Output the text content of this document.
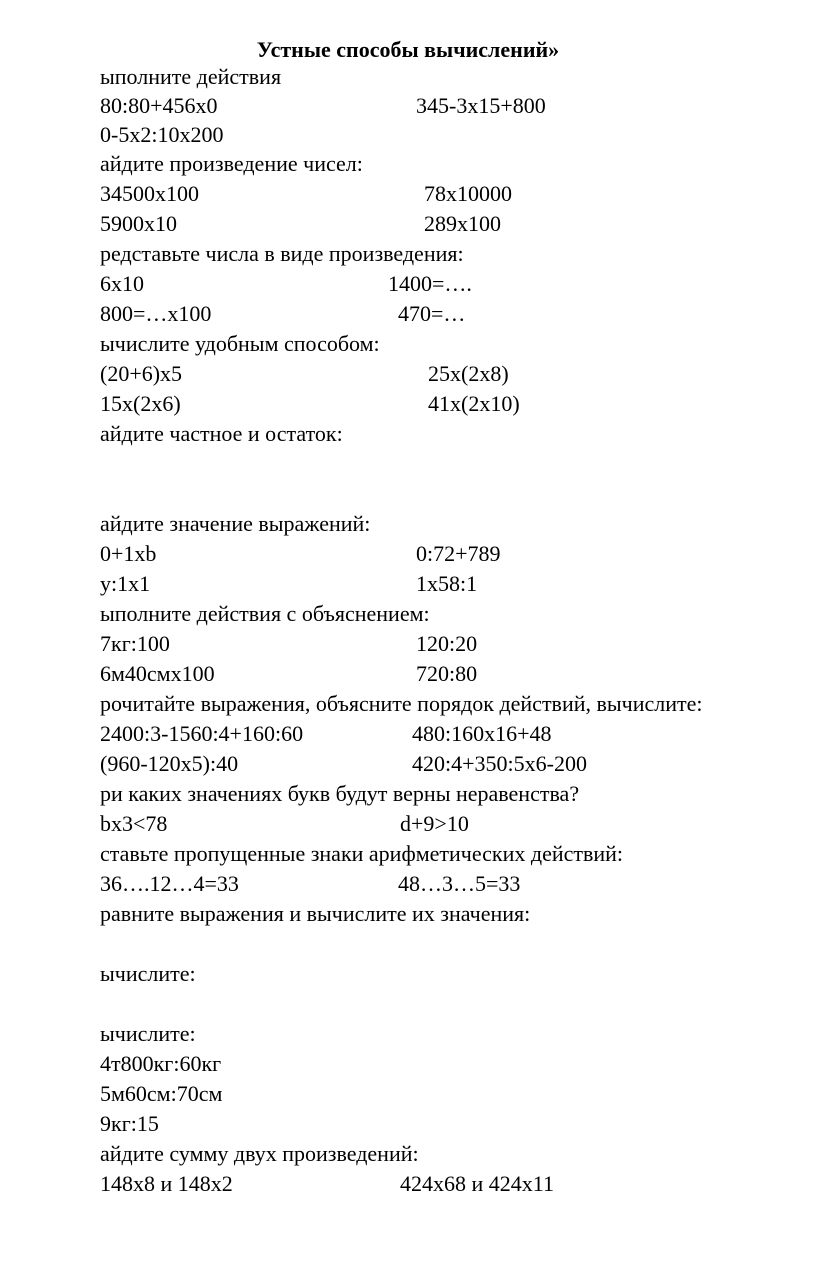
Устные способы вычислений»
ыполните действия
80:80+456x0	345-3x15+800
0-5x2:10x200
айдите произведение чисел:
34500x100	78x10000
5900x10	289x100
редставьте числа в виде произведения:
6x10	1400=….
800=…x100	470=…
ычислите удобным способом:
(20+6)x5	25x(2x8)
15x(2x6)	41x(2x10)
айдите частное и остаток:
айдите значение выражений:
0+1xb	0:72+789
y:1x1	1x58:1
ыполните действия с объяснением:
7кг:100	120:20
6м40смx100	720:80
рочитайте выражения, объясните порядок действий, вычислите:
2400:3-1560:4+160:60	480:160x16+48
(960-120x5):40	420:4+350:5x6-200
ри каких значениях букв будут верны неравенства?
bx3<78	d+9>10
ставьте пропущенные знаки арифметических действий:
36….12…4=33	48…3…5=33
равните выражения и вычислите их значения:
ычислите:
ычислите:
4т800кг:60кг
5м60см:70см
9кг:15
айдите сумму двух произведений:
148x8 и 148x2	424x68 и 424x11
